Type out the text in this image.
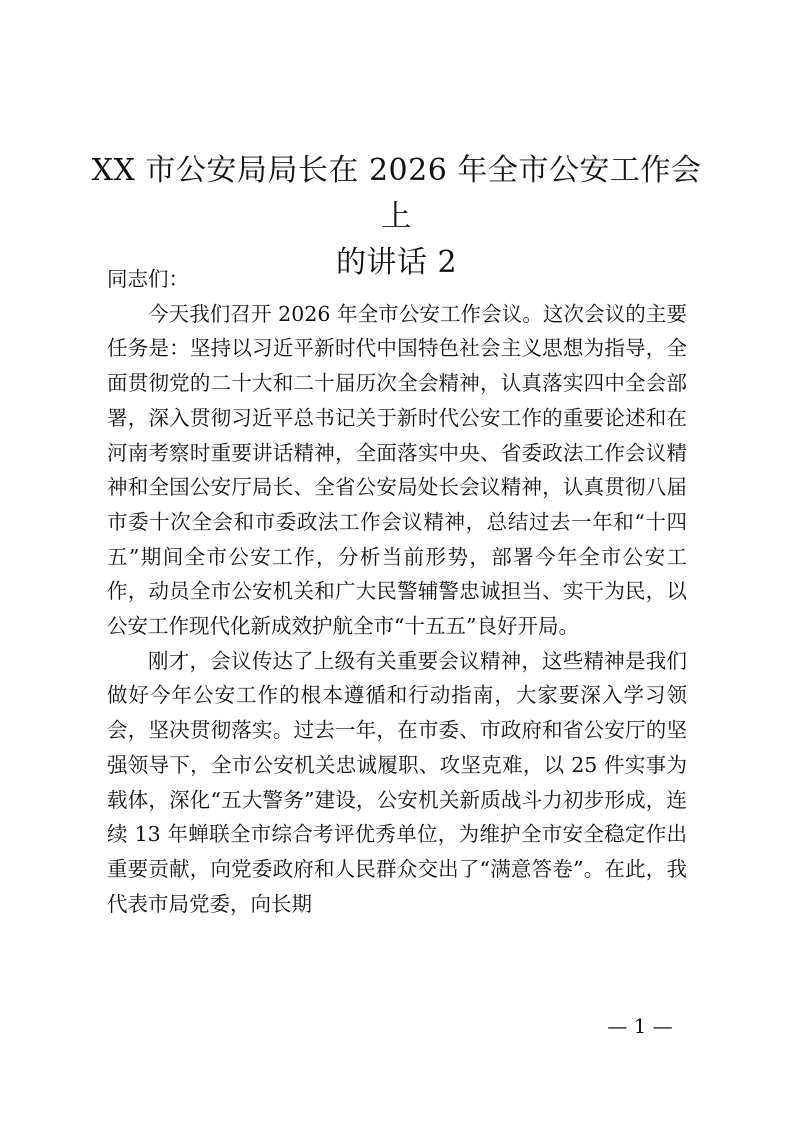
XX 市公安局局长在 2026 年全市公安工作会上
的讲话 2

同志们：

今天我们召开 2026 年全市公安工作会议。这次会议的主要任务是：坚持以习近平新时代中国特色社会主义思想为指导，全面贯彻党的二十大和二十届历次全会精神，认真落实四中全会部署，深入贯彻习近平总书记关于新时代公安工作的重要论述和在河南考察时重要讲话精神，全面落实中央、省委政法工作会议精神和全国公安厅局长、全省公安局处长会议精神，认真贯彻八届市委十次全会和市委政法工作会议精神，总结过去一年和“十四五”期间全市公安工作，分析当前形势，部署今年全市公安工作，动员全市公安机关和广大民警辅警忠诚担当、实干为民，以公安工作现代化新成效护航全市“十五五”良好开局。

刚才，会议传达了上级有关重要会议精神，这些精神是我们做好今年公安工作的根本遵循和行动指南，大家要深入学习领会，坚决贯彻落实。过去一年，在市委、市政府和省公安厅的坚强领导下，全市公安机关忠诚履职、攻坚克难，以 25 件实事为载体，深化“五大警务”建设，公安机关新质战斗力初步形成，连续 13 年蝉联全市综合考评优秀单位，为维护全市安全稳定作出重要贡献，向党委政府和人民群众交出了“满意答卷”。在此，我代表市局党委，向长期

— 1 —
